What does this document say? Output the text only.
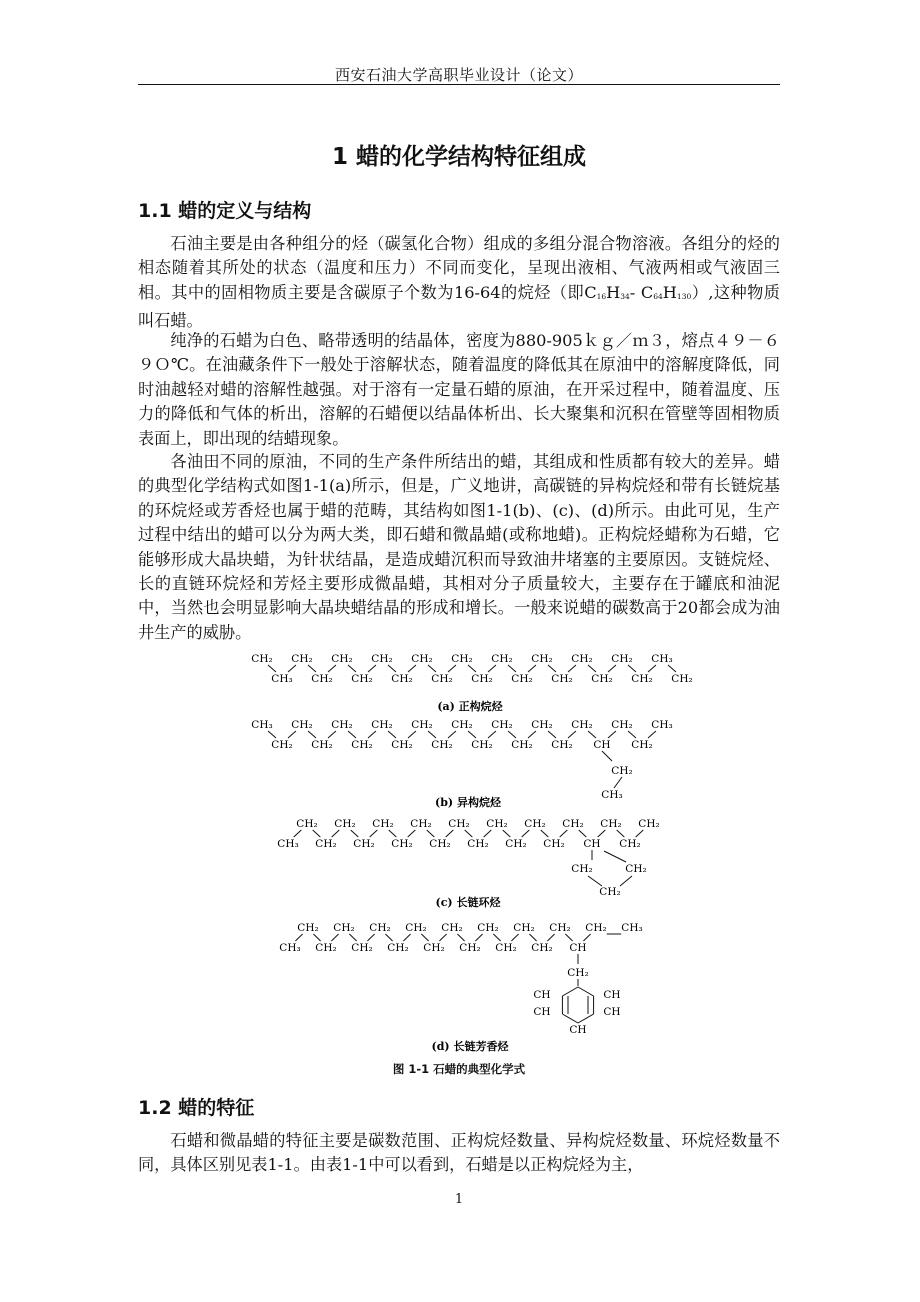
西安石油大学高职毕业设计（论文）
1 蜡的化学结构特征组成
1.1 蜡的定义与结构

石油主要是由各种组分的烃（碳氢化合物）组成的多组分混合物溶液。各组分的烃的相态随着其所处的状态（温度和压力）不同而变化，呈现出液相、气液两相或气液固三相。其中的固相物质主要是含碳原子个数为16-64的烷烃（即C16H34- C64H130）,这种物质叫石蜡。

纯净的石蜡为白色、略带透明的结晶体，密度为880-905ｋｇ／ｍ３，熔点４９－６９Ｏ℃。在油藏条件下一般处于溶解状态，随着温度的降低其在原油中的溶解度降低，同时油越轻对蜡的溶解性越强。对于溶有一定量石蜡的原油，在开采过程中，随着温度、压力的降低和气体的析出，溶解的石蜡便以结晶体析出、长大聚集和沉积在管壁等固相物质表面上，即出现的结蜡现象。

各油田不同的原油，不同的生产条件所结出的蜡，其组成和性质都有较大的差异。蜡的典型化学结构式如图1-1(a)所示，但是，广义地讲，高碳链的异构烷烃和带有长链烷基的环烷烃或芳香烃也属于蜡的范畴，其结构如图1-1(b)、(c)、(d)所示。由此可见，生产过程中结出的蜡可以分为两大类，即石蜡和微晶蜡(或称地蜡)。正构烷烃蜡称为石蜡，它能够形成大晶块蜡，为针状结晶，是造成蜡沉积而导致油井堵塞的主要原因。支链烷烃、长的直链环烷烃和芳烃主要形成微晶蜡，其相对分子质量较大，主要存在于罐底和油泥中，当然也会明显影响大晶块蜡结晶的形成和增长。一般来说蜡的碳数高于20都会成为油井生产的威胁。

CH₂ CH₂ CH₂ CH₂ CH₂ CH₂ CH₂ CH₂ CH₂ CH₂ CH₃
CH₃ CH₂ CH₂ CH₂ CH₂ CH₂ CH₂ CH₂ CH₂ CH₂ CH₂
(a) 正构烷烃
CH₃ CH₂ CH₂ CH₂ CH₂ CH₂ CH₂ CH₂ CH₂ CH₂ CH₃
CH₂ CH₂ CH₂ CH₂ CH₂ CH₂ CH₂ CH₂ CH CH₂
CH₂
CH₃
(b) 异构烷烃
CH₂ CH₂ CH₂ CH₂ CH₂ CH₂ CH₂ CH₂ CH₂ CH₂
CH₃ CH₂ CH₂ CH₂ CH₂ CH₂ CH₂ CH₂ CH CH₂
CH₂	CH₂
CH₂
(c) 长链环烃
CH₂ CH₂ CH₂ CH₂ CH₂ CH₂ CH₂ CH₂ CH₂ CH₃
CH₃ CH₂ CH₂ CH₂ CH₂ CH₂ CH₂ CH₂ CH
CH₂
CH
CH
CH
CH
CH
(d) 长链芳香烃
图 1-1 石蜡的典型化学式
1.2 蜡的特征

石蜡和微晶蜡的特征主要是碳数范围、正构烷烃数量、异构烷烃数量、环烷烃数量不同，具体区别见表1-1。由表1-1中可以看到，石蜡是以正构烷烃为主，

1
